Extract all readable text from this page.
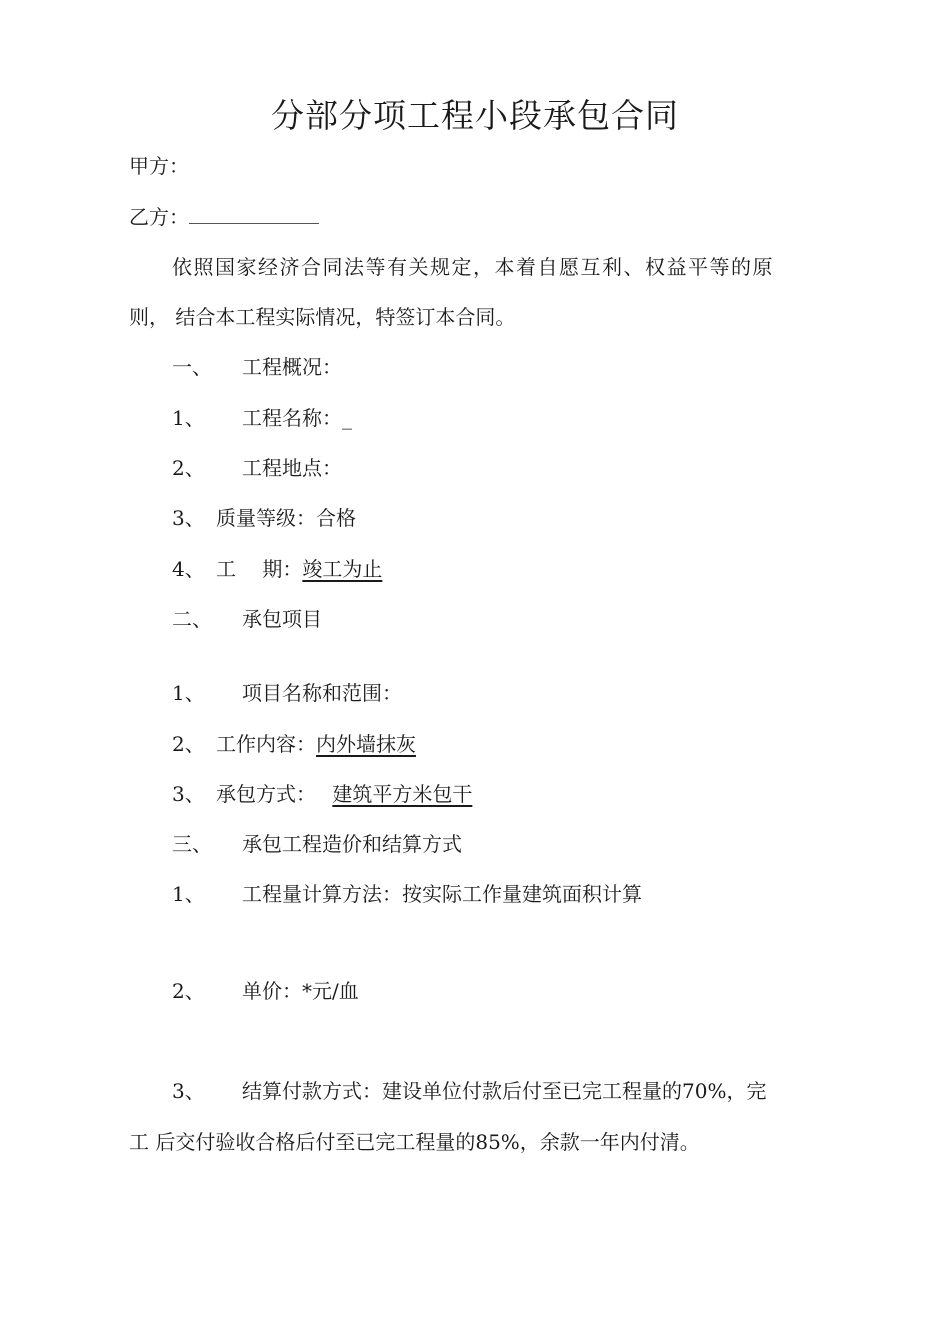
分部分项工程小段承包合同
甲方：
乙方：
依照国家经济合同法等有关规定，本着自愿互利、权益平等的原
则， 结合本工程实际情况，特签订本合同。
一、 工程概况：
1、 工程名称：_
2、 工程地点：
3、 质量等级：合格
4、 工　 期：竣工为止
二、 承包项目
1、 项目名称和范围：
2、 工作内容：内外墙抹灰
3、 承包方式： 建筑平方米包干
三、 承包工程造价和结算方式
1、 工程量计算方法：按实际工作量建筑面积计算
2、 单价：*元/血
3、 结算付款方式：建设单位付款后付至已完工程量的70%，完
工 后交付验收合格后付至已完工程量的85%，余款一年内付清。
